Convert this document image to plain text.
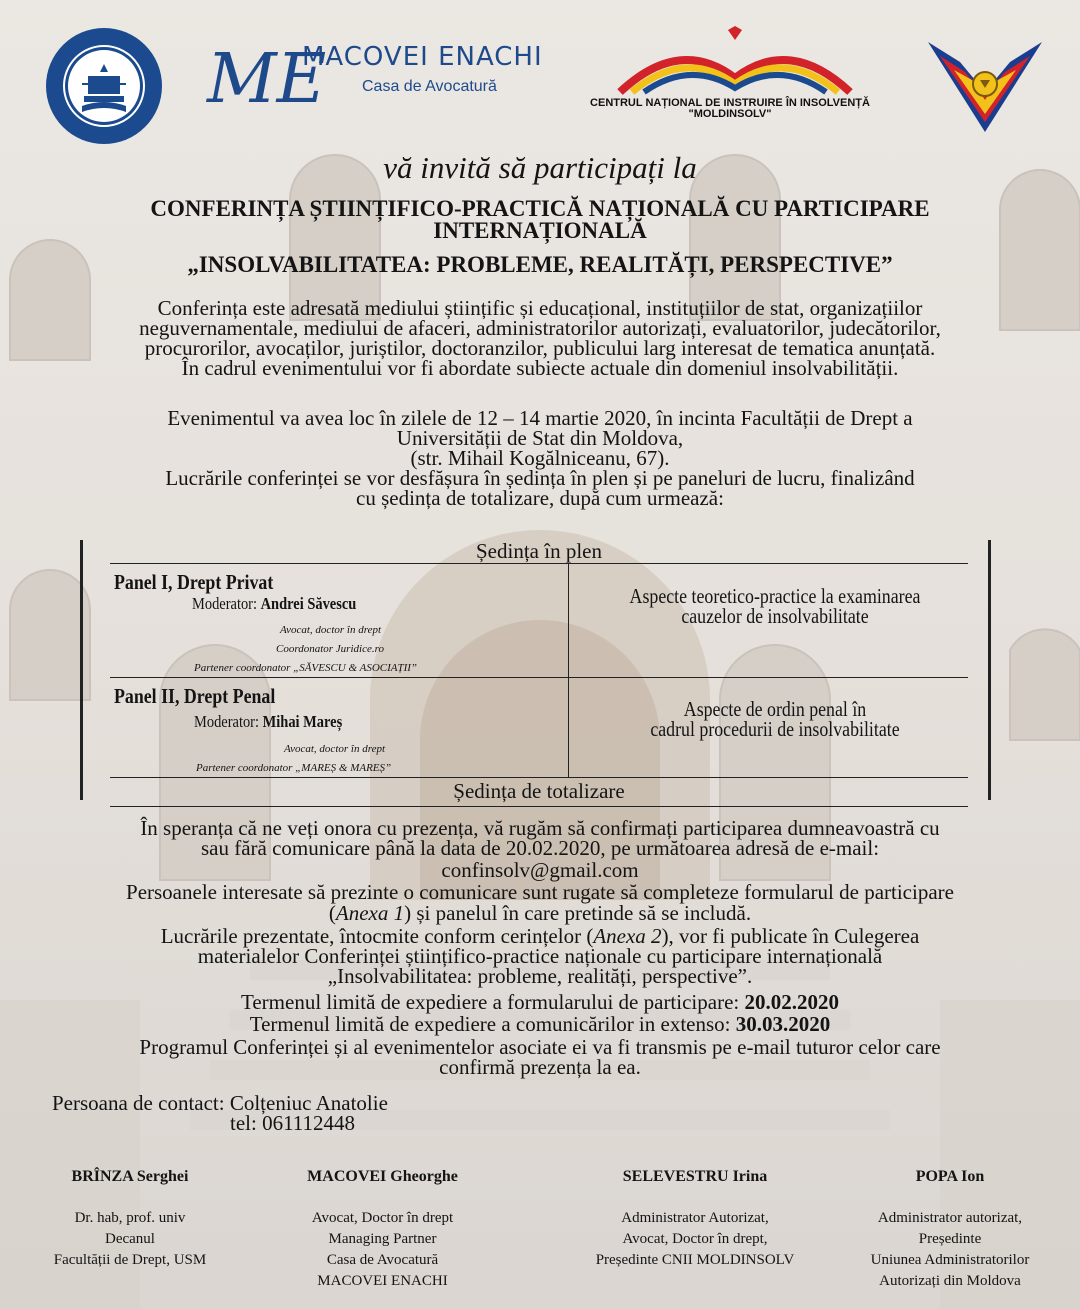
ME
MACOVEI ENACHI
Casa de Avocatură
CENTRUL NAȚIONAL DE INSTRUIRE ÎN INSOLVENȚĂ
"MOLDINSOLV"
vă invită să participați la
CONFERINȚA ȘTIINȚIFICO-PRACTICĂ NAȚIONALĂ CU PARTICIPARE
INTERNAȚIONALĂ
„INSOLVABILITATEA: PROBLEME, REALITĂȚI, PERSPECTIVE”
Conferința este adresată mediului științific și educațional, instituțiilor de stat, organizațiilor
neguvernamentale, mediului de afaceri, administratorilor autorizați, evaluatorilor, judecătorilor,
procurorilor, avocaților, juriștilor, doctoranzilor, publicului larg interesat de tematica anunțată.
În cadrul evenimentului vor fi abordate subiecte actuale din domeniul insolvabilității.
Evenimentul va avea loc în zilele de 12 – 14 martie 2020, în incinta Facultății de Drept a
Universității de Stat din Moldova,
(str. Mihail Kogălniceanu, 67).
Lucrările conferinței se vor desfășura în ședința în plen și pe paneluri de lucru, finalizând
cu ședința de totalizare, după cum urmează:
Ședința în plen
Panel I, Drept Privat
Moderator: Andrei Săvescu
Avocat, doctor în drept
Coordonator Juridice.ro
Partener coordonator „SĂVESCU & ASOCIAȚII”
Aspecte teoretico-practice la examinarea
cauzelor de insolvabilitate
Panel II, Drept Penal
Moderator: Mihai Mareș
Avocat, doctor în drept
Partener coordonator „MAREȘ & MAREȘ”
Aspecte de ordin penal în
cadrul procedurii de insolvabilitate
Ședința de totalizare
În speranța că ne veți onora cu prezența, vă rugăm să confirmați participarea dumneavoastră cu
sau fără comunicare până la data de 20.02.2020, pe următoarea adresă de e-mail:
confinsolv@gmail.com
Persoanele interesate să prezinte o comunicare sunt rugate să completeze formularul de participare
(Anexa 1) și panelul în care pretinde să se includă.
Lucrările prezentate, întocmite conform cerințelor (Anexa 2), vor fi publicate în Culegerea
materialelor Conferinței științifico-practice naționale cu participare internațională
„Insolvabilitatea: probleme, realități, perspective”.
Termenul limită de expediere a formularului de participare: 20.02.2020
Termenul limită de expediere a comunicărilor in extenso: 30.03.2020
Programul Conferinței și al evenimentelor asociate ei va fi transmis pe e-mail tuturor celor care
confirmă prezența la ea.
Persoana de contact: Colțeniuc Anatolie
tel: 061112448
BRÎNZA Serghei
Dr. hab, prof. univ
Decanul
Facultății de Drept, USM
MACOVEI Gheorghe
Avocat, Doctor în drept
Managing Partner
Casa de Avocatură
MACOVEI ENACHI
SELEVESTRU Irina
Administrator Autorizat,
Avocat, Doctor în drept,
Președinte CNII MOLDINSOLV
POPA Ion
Administrator autorizat,
Președinte
Uniunea Administratorilor
Autorizați din Moldova
